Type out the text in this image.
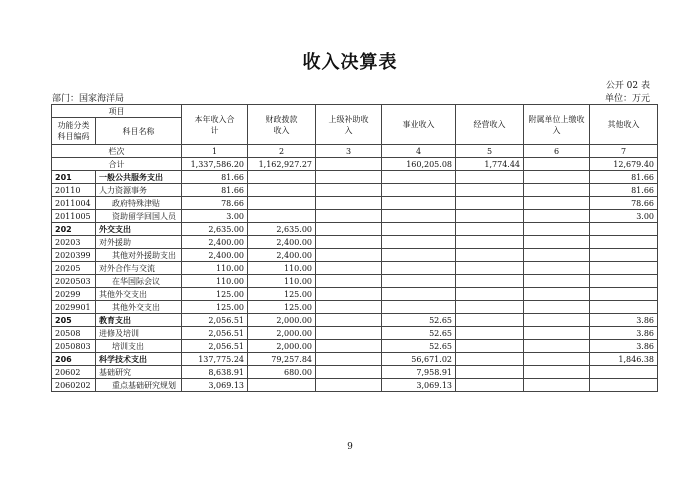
收入决算表
公开 02 表
部门：国家海洋局	单位：万元
项目		本年收入合计	财政拨款收入	上级补助收入	事业收入	经营收入	附属单位上缴收入	其他收入
功能分类科目编码	科目名称							

栏次		1	2	3	4	5	6	7
合计		1,337,586.20	1,162,927.27		160,205.08	1,774.44		12,679.40
201	一般公共服务支出	81.66						81.66
20110	人力资源事务	81.66						81.66
2011004	政府特殊津贴	78.66						78.66
2011005	资助留学回国人员	3.00						3.00
202	外交支出	2,635.00	2,635.00					
20203	对外援助	2,400.00	2,400.00					
2020399	其他对外援助支出	2,400.00	2,400.00					
20205	对外合作与交流	110.00	110.00					
2020503	在华国际会议	110.00	110.00					
20299	其他外交支出	125.00	125.00					
2029901	其他外交支出	125.00	125.00					
205	教育支出	2,056.51	2,000.00		52.65			3.86
20508	进修及培训	2,056.51	2,000.00		52.65			3.86
2050803	培训支出	2,056.51	2,000.00		52.65			3.86
206	科学技术支出	137,775.24	79,257.84		56,671.02			1,846.38
20602	基础研究	8,638.91	680.00		7,958.91			
2060202	重点基础研究规划	3,069.13			3,069.13			
9
